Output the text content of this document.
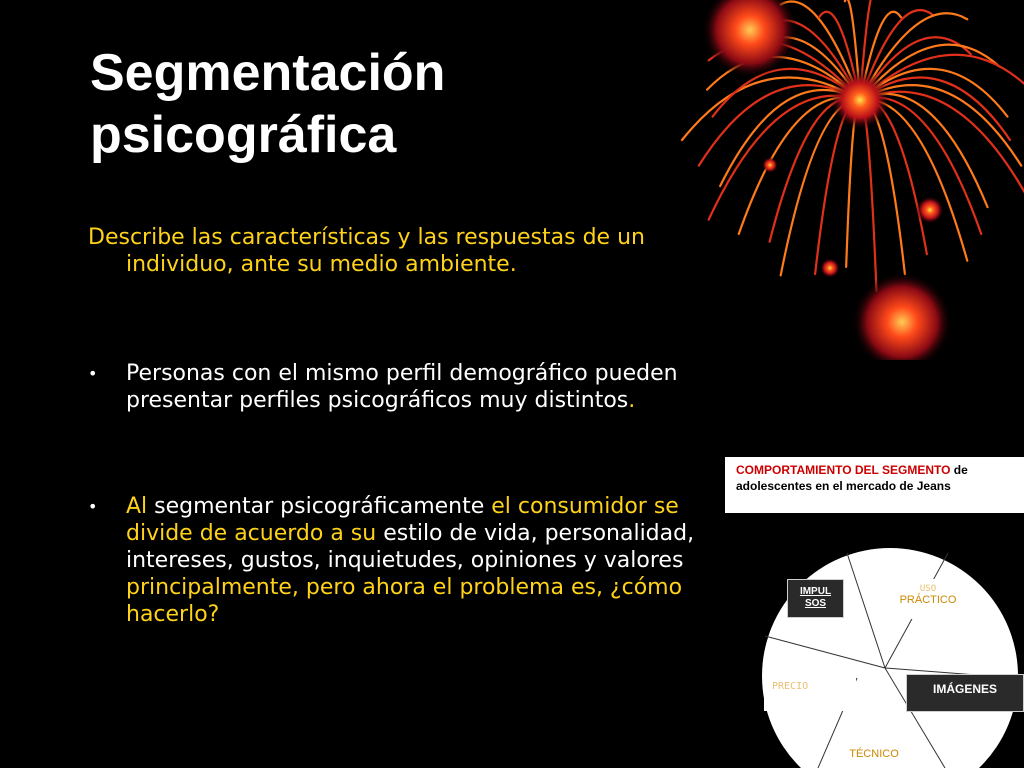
Segmentación
psicográfica

Describe las características y las respuestas de un individuo, ante su medio ambiente.

•	Personas con el mismo perfil demográfico pueden presentar perfiles psicográficos muy distintos.

•	Al segmentar psicográficamente el consumidor se divide de acuerdo a su estilo de vida, personalidad, intereses, gustos, inquietudes, opiniones y valores principalmente, pero ahora el problema es, ¿cómo hacerlo?

COMPORTAMIENTO DEL SEGMENTO de adolescentes en el mercado de Jeans
IMPUL
SOS
USO
PRÁCTICO
IMÁGENES
PRECIO
TÉCNICO
